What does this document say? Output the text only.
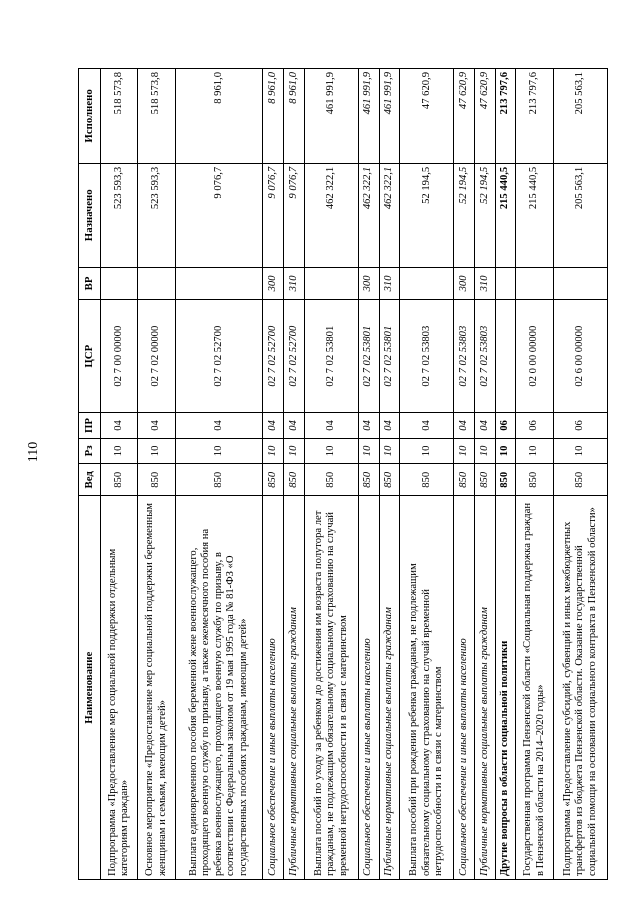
110
Наименование	Вед	Рз	ПР	ЦСР	ВР	Назначено	Исполнено
Подпрограмма «Предоставление мер социальной поддержки отдельным категориям граждан»	850	10	04	02 7 00 00000		523 593,3	518 573,8
Основное мероприятие «Предоставление мер социальной поддержки беременным женщинам и семьям, имеющим детей»	850	10	04	02 7 02 00000		523 593,3	518 573,8
Выплата единовременного пособия беременной жене военнослужащего, проходящего военную службу по призыву, а также ежемесячного пособия на ребенка военнослужащего, проходящего военную службу по призыву, в соответствии с Федеральным законом от 19 мая 1995 года № 81-ФЗ «О государственных пособиях гражданам, имеющим детей»	850	10	04	02 7 02 52700		9 076,7	8 961,0
Социальное обеспечение и иные выплаты населению	850	10	04	02 7 02 52700	300	9 076,7	8 961,0
Публичные нормативные социальные выплаты гражданам	850	10	04	02 7 02 52700	310	9 076,7	8 961,0
Выплата пособий по уходу за ребенком до достижения им возраста полутора лет гражданам, не подлежащим обязательному социальному страхованию на случай временной нетрудоспособности и в связи с материнством	850	10	04	02 7 02 53801		462 322,1	461 991,9
Социальное обеспечение и иные выплаты населению	850	10	04	02 7 02 53801	300	462 322,1	461 991,9
Публичные нормативные социальные выплаты гражданам	850	10	04	02 7 02 53801	310	462 322,1	461 991,9
Выплата пособий при рождении ребенка гражданам, не подлежащим обязательному социальному страхованию на случай временной нетрудоспособности и в связи с материнством	850	10	04	02 7 02 53803		52 194,5	47 620,9
Социальное обеспечение и иные выплаты населению	850	10	04	02 7 02 53803	300	52 194,5	47 620,9
Публичные нормативные социальные выплаты гражданам	850	10	04	02 7 02 53803	310	52 194,5	47 620,9
Другие вопросы в области социальной политики	850	10	06			215 440,5	213 797,6
Государственная программа Пензенской области «Социальная поддержка граждан в Пензенской области на 2014–2020 годы»	850	10	06	02 0 00 00000		215 440,5	213 797,6
Подпрограмма «Предоставление субсидий, субвенций и иных межбюджетных трансфертов из бюджета Пензенской области. Оказание государственной социальной помощи на основании социального контракта в Пензенской области»	850	10	06	02 6 00 00000		205 563,1	205 563,1
